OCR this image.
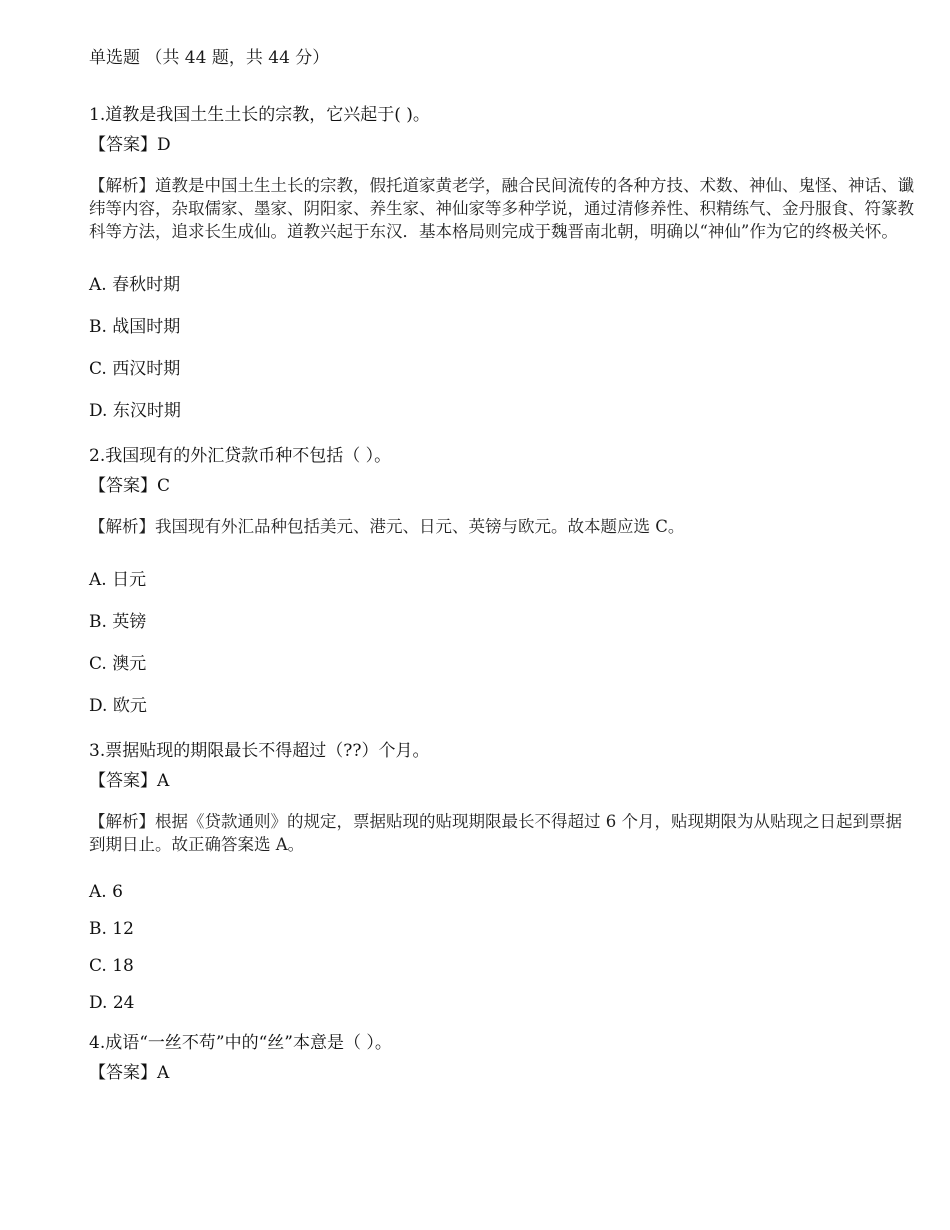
单选题 （共 44 题，共 44 分）

1.道教是我国土生土长的宗教，它兴起于( )。

【答案】D

【解析】道教是中国土生土长的宗教，假托道家黄老学，融合民间流传的各种方技、术数、神仙、鬼怪、神话、谶纬等内容，杂取儒家、墨家、阴阳家、养生家、神仙家等多种学说，通过清修养性、积精练气、金丹服食、符篆教科等方法，追求长生成仙。道教兴起于东汉．基本格局则完成于魏晋南北朝，明确以“神仙”作为它的终极关怀。

A. 春秋时期
B. 战国时期
C. 西汉时期
D. 东汉时期

2.我国现有的外汇贷款币种不包括（ ）。

【答案】C

【解析】我国现有外汇品种包括美元、港元、日元、英镑与欧元。故本题应选 C。

A. 日元
B. 英镑
C. 澳元
D. 欧元

3.票据贴现的期限最长不得超过（??）个月。

【答案】A

【解析】根据《贷款通则》的规定，票据贴现的贴现期限最长不得超过 6 个月，贴现期限为从贴现之日起到票据到期日止。故正确答案选 A。

A. 6
B. 12
C. 18
D. 24

4.成语“一丝不苟”中的“丝”本意是（ ）。

【答案】A
